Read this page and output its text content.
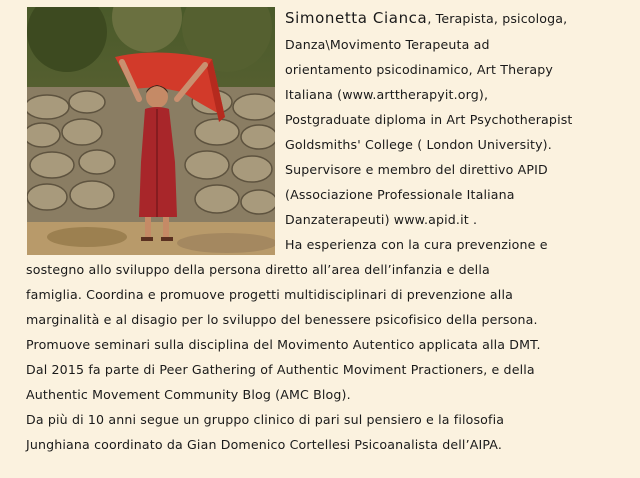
Simonetta Cianca, Terapista, psicologa,
Danza\Movimento Terapeuta ad
orientamento psicodinamico, Art Therapy
Italiana (www.arttherapyit.org),
Postgraduate diploma in Art Psychotherapist
Goldsmiths' College ( London University).
Supervisore e membro del direttivo APID
(Associazione Professionale Italiana
Danzaterapeuti) www.apid.it .
Ha esperienza con la cura prevenzione e
sostegno allo sviluppo della persona diretto all’area dell’infanzia e della
famiglia. Coordina e promuove progetti multidisciplinari di prevenzione alla
marginalità e al disagio per lo sviluppo del benessere psicofisico della persona.
Promuove seminari sulla disciplina del Movimento Autentico applicata alla DMT.
Dal 2015 fa parte di Peer Gathering of Authentic Moviment Practioners, e della
Authentic Movement Community Blog (AMC Blog).
Da più di 10 anni segue un gruppo clinico di pari sul pensiero e la filosofia
Junghiana coordinato da Gian Domenico Cortellesi Psicoanalista dell’AIPA.
